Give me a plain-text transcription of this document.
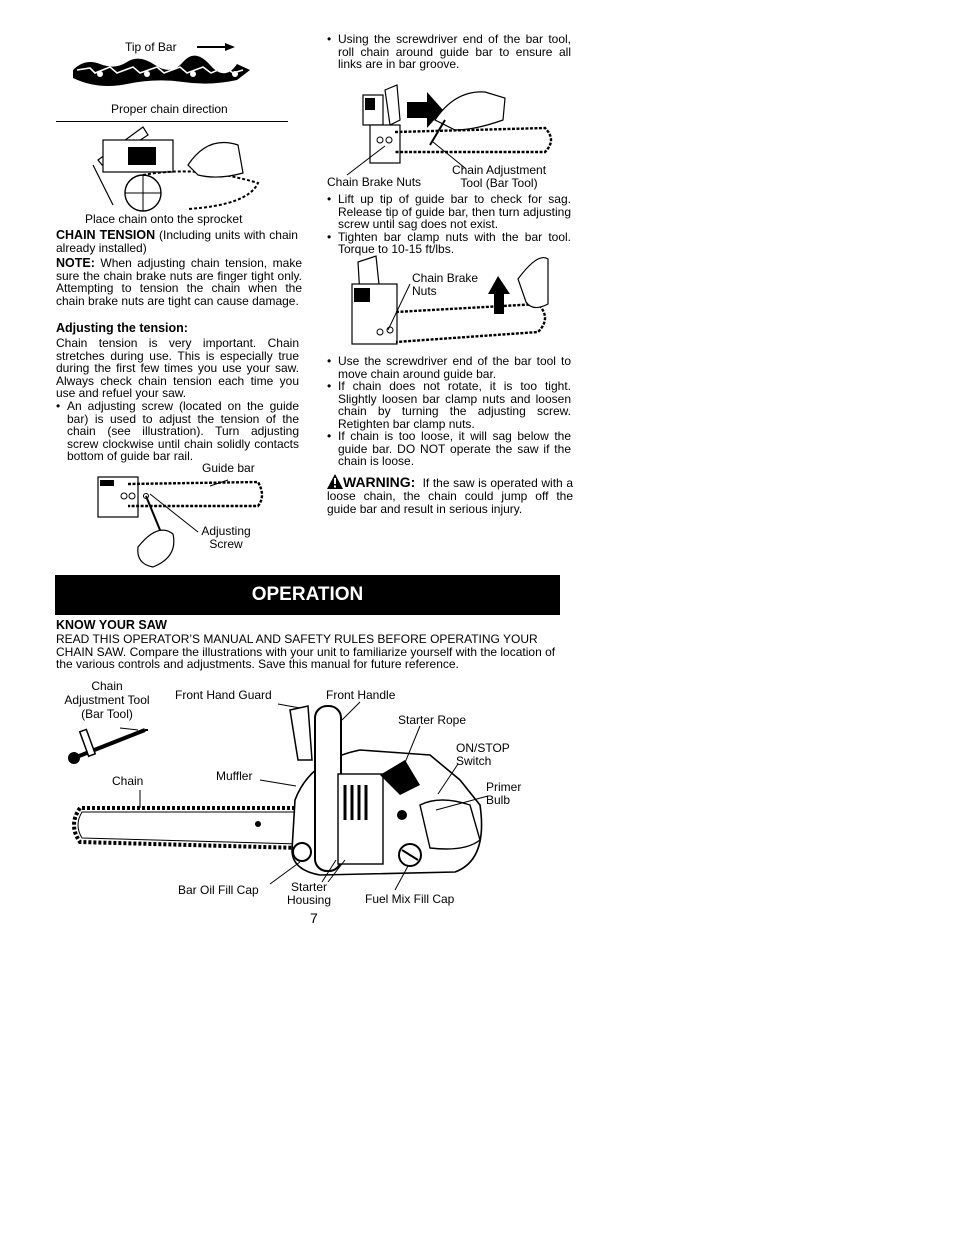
Tip of Bar
Proper chain direction
Place chain onto the sprocket
CHAIN TENSION (Including units with chain already installed)
NOTE: When adjusting chain tension, make sure the chain brake nuts are finger tight only. Attempting to tension the chain when the chain brake nuts are tight can cause damage.
Adjusting the tension:
Chain tension is very important. Chain stretches during use. This is especially true during the first few times you use your saw. Always check chain tension each time you use and refuel your saw.
• An adjusting screw (located on the guide bar) is used to adjust the tension of the chain (see illustration). Turn adjusting screw clockwise until chain solidly contacts bottom of guide bar rail.
Guide bar
Adjusting
Screw
• Using the screwdriver end of the bar tool, roll chain around guide bar to ensure all links are in bar groove.
Chain Brake Nuts
Chain Adjustment
Tool (Bar Tool)
• Lift up tip of guide bar to check for sag. Release tip of guide bar, then turn adjusting screw until sag does not exist.
• Tighten bar clamp nuts with the bar tool. Torque to 10-15 ft/lbs.
Chain Brake
Nuts
• Use the screwdriver end of the bar tool to move chain around guide bar.
• If chain does not rotate, it is too tight. Slightly loosen bar clamp nuts and loosen chain by turning the adjusting screw. Retighten bar clamp nuts.
• If chain is too loose, it will sag below the guide bar. DO NOT operate the saw if the chain is loose.
WARNING: If the saw is operated with a loose chain, the chain could jump off the guide bar and result in serious injury.
OPERATION
KNOW YOUR SAW
READ THIS OPERATOR’S MANUAL AND SAFETY RULES BEFORE OPERATING YOUR
CHAIN SAW. Compare the illustrations with your unit to familiarize yourself with the location of
the various controls and adjustments. Save this manual for future reference.
Chain
Adjustment Tool
(Bar Tool)
Front Hand Guard	Front Handle
Starter Rope
ON/STOP
Switch
Primer
Bulb
Chain	Muffler
Bar Oil Fill Cap	Starter
Housing	Fuel Mix Fill Cap
7
